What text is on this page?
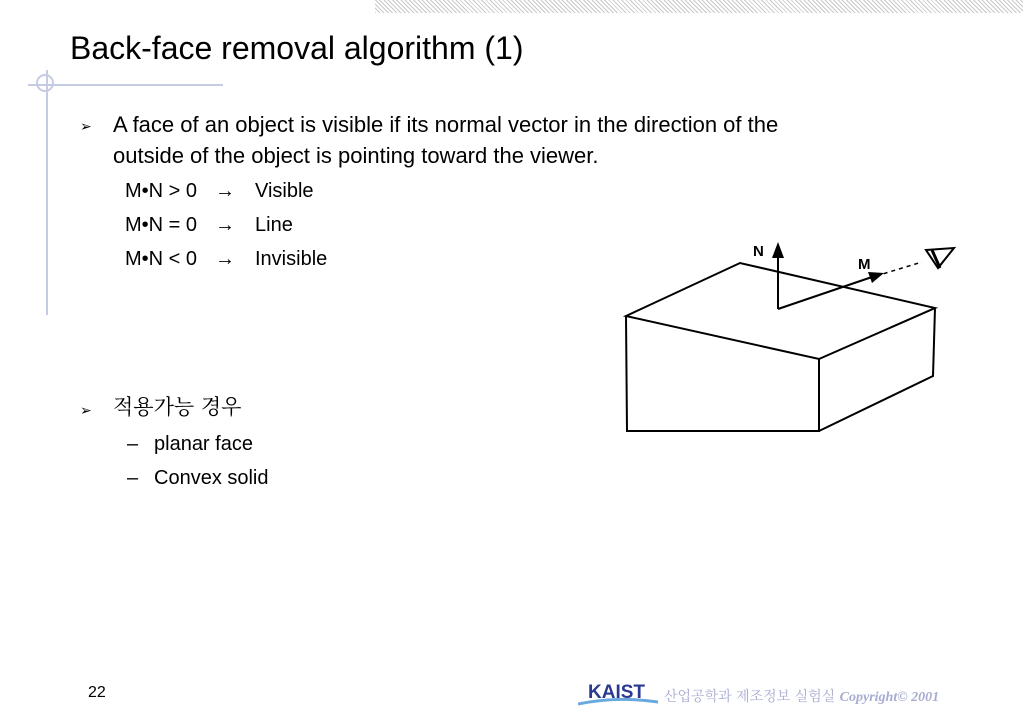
Back-face removal algorithm (1)
➢ A face of an object is visible if its normal vector in the direction of the
outside of the object is pointing toward the viewer.
M•N > 0 → Visible
M•N = 0 → Line
M•N < 0 → Invisible
➢ 적용가능 경우
– planar face
– Convex solid
N
M
22	KAIST 산업공학과 제조정보 실험실 Copyright© 2001
